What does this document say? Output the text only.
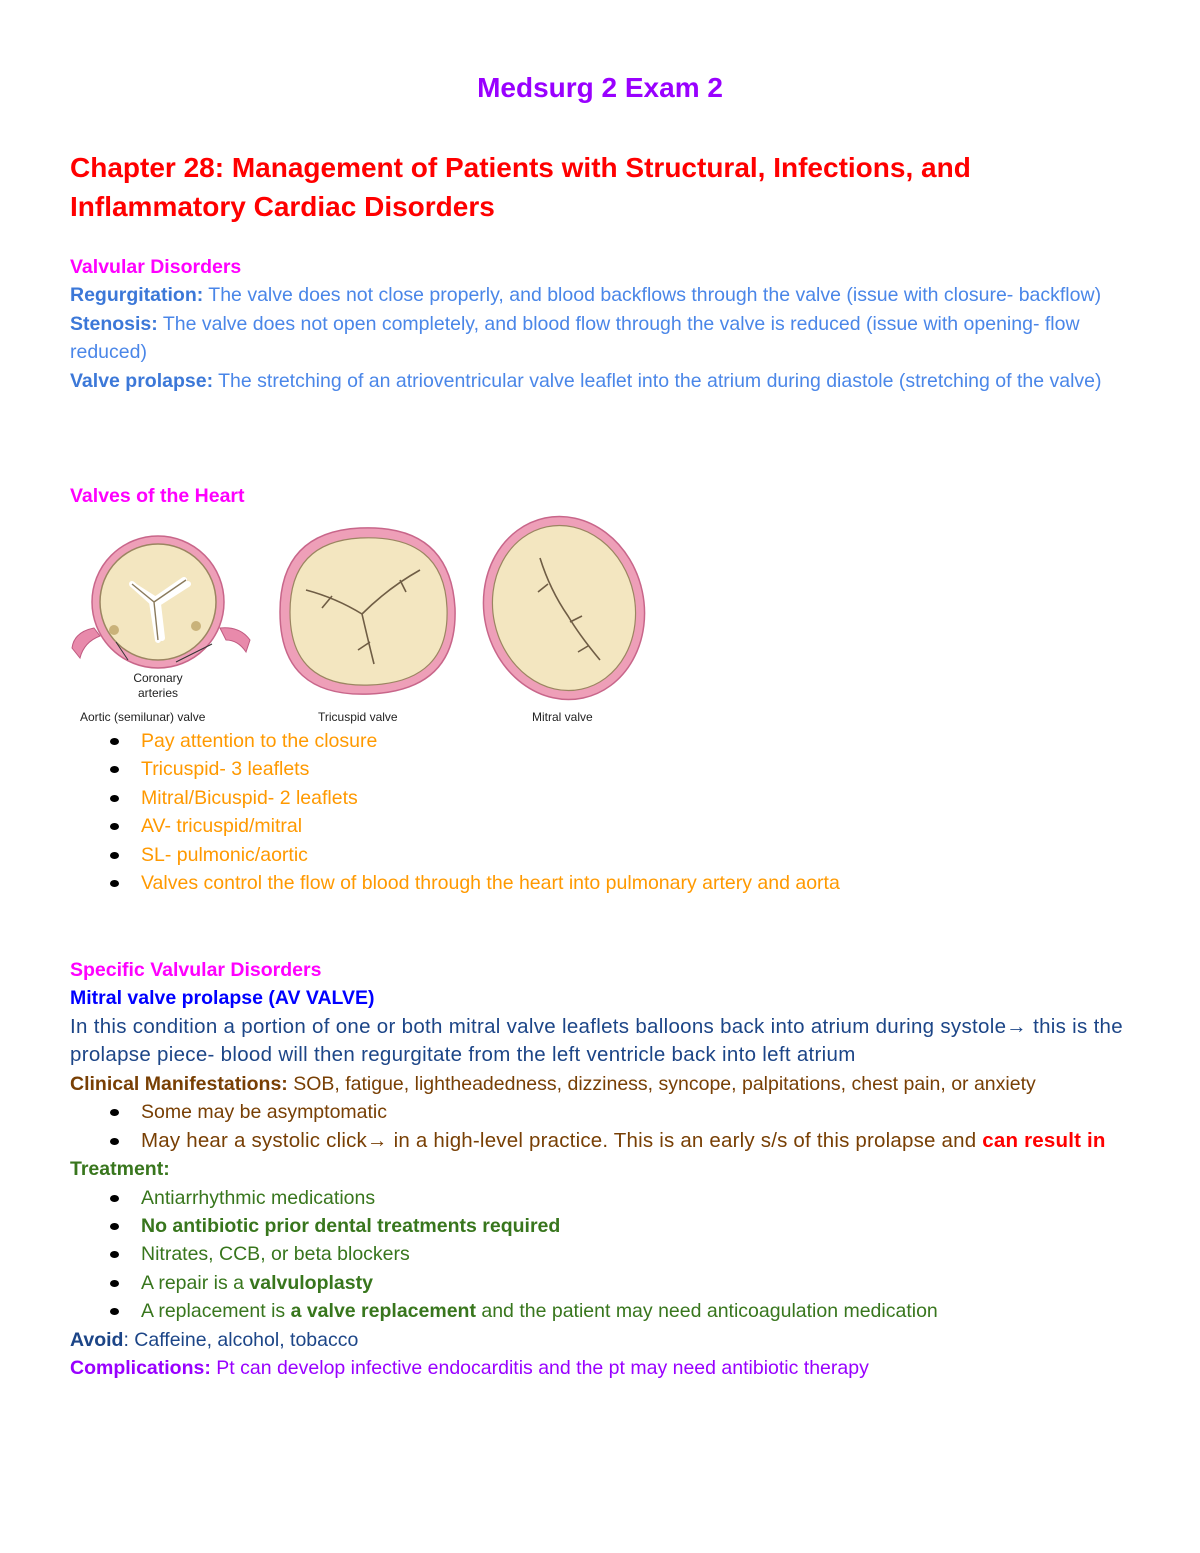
Medsurg 2 Exam 2
Chapter 28: Management of Patients with Structural, Infections, and Inflammatory Cardiac Disorders
Valvular Disorders
Regurgitation: The valve does not close properly, and blood backflows through the valve (issue with closure- backflow)
Stenosis: The valve does not open completely, and blood flow through the valve is reduced (issue with opening- flow reduced)
Valve prolapse: The stretching of an atrioventricular valve leaflet into the atrium during diastole (stretching of the valve)
Valves of the Heart
Coronary
arteries
Aortic (semilunar) valve	Tricuspid valve	Mitral valve
Pay attention to the closure
Tricuspid- 3 leaflets
Mitral/Bicuspid- 2 leaflets
AV- tricuspid/mitral
SL- pulmonic/aortic
Valves control the flow of blood through the heart into pulmonary artery and aorta
Specific Valvular Disorders
Mitral valve prolapse (AV VALVE)
In this condition a portion of one or both mitral valve leaflets balloons back into atrium during systole→ this is the prolapse piece- blood will then regurgitate from the left ventricle back into left atrium
Clinical Manifestations: SOB, fatigue, lightheadedness, dizziness, syncope, palpitations, chest pain, or anxiety
Some may be asymptomatic
May hear a systolic click→ in a high-level practice. This is an early s/s of this prolapse and can result in
Treatment:
Antiarrhythmic medications
No antibiotic prior dental treatments required
Nitrates, CCB, or beta blockers
A repair is a valvuloplasty
A replacement is a valve replacement and the patient may need anticoagulation medication
Avoid: Caffeine, alcohol, tobacco
Complications: Pt can develop infective endocarditis and the pt may need antibiotic therapy
